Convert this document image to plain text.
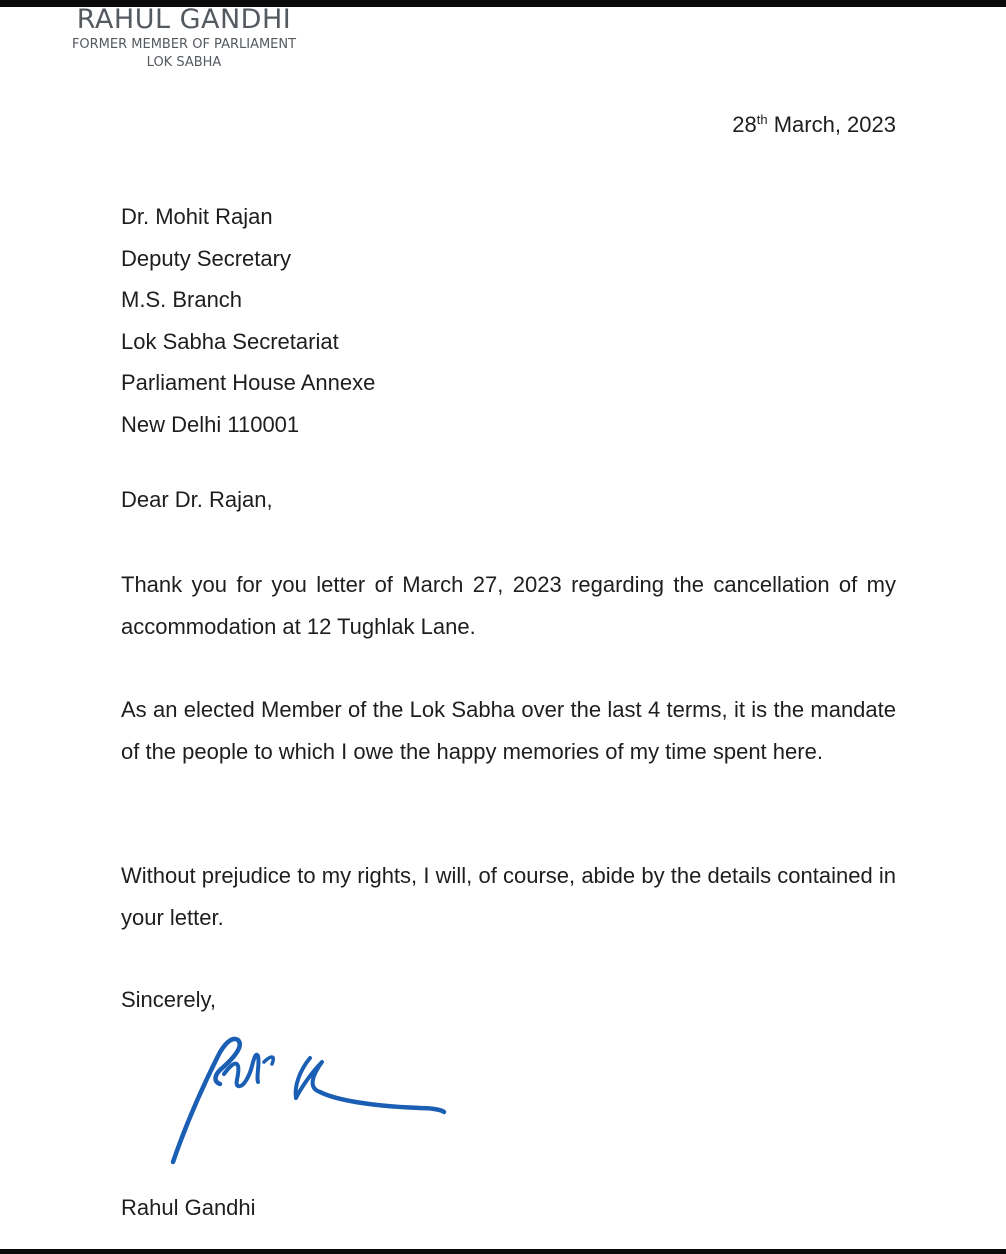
RAHUL GANDHI
FORMER MEMBER OF PARLIAMENT
LOK SABHA
28th March, 2023
Dr. Mohit Rajan
Deputy Secretary
M.S. Branch
Lok Sabha Secretariat
Parliament House Annexe
New Delhi 110001
Dear Dr. Rajan,
Thank you for you letter of March 27, 2023 regarding the cancellation of my accommodation at 12 Tughlak Lane.
As an elected Member of the Lok Sabha over the last 4 terms, it is the mandate of the people to which I owe the happy memories of my time spent here.
Without prejudice to my rights, I will, of course, abide by the details contained in your letter.
Sincerely,
Rahul Gandhi
